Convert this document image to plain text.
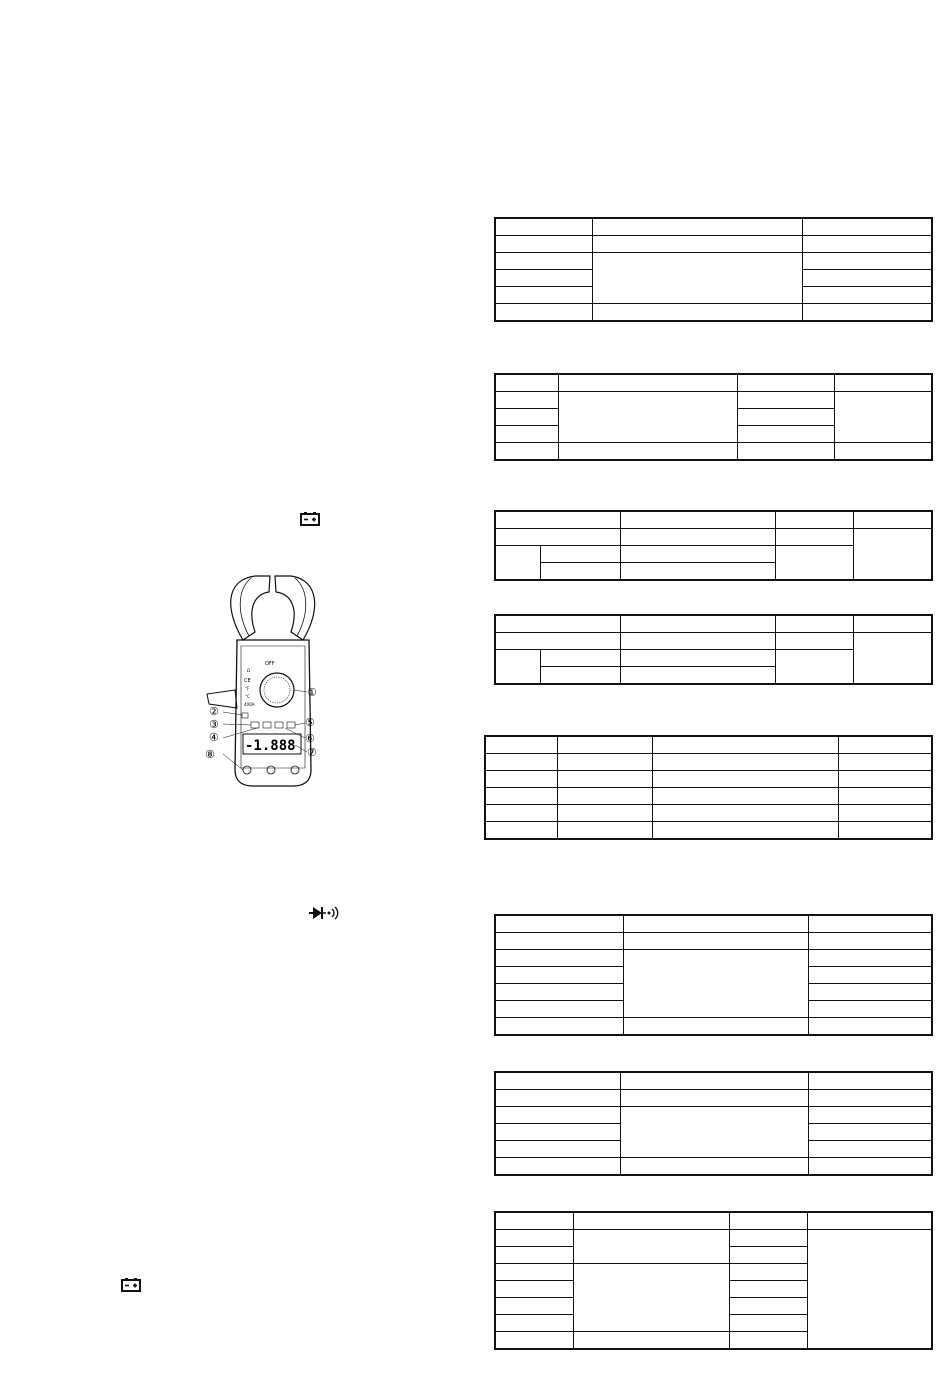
OFF
Ω
CE
°F
°C
400A
-1.888
①
②
③
④
⑤
⑥
⑦
⑧
